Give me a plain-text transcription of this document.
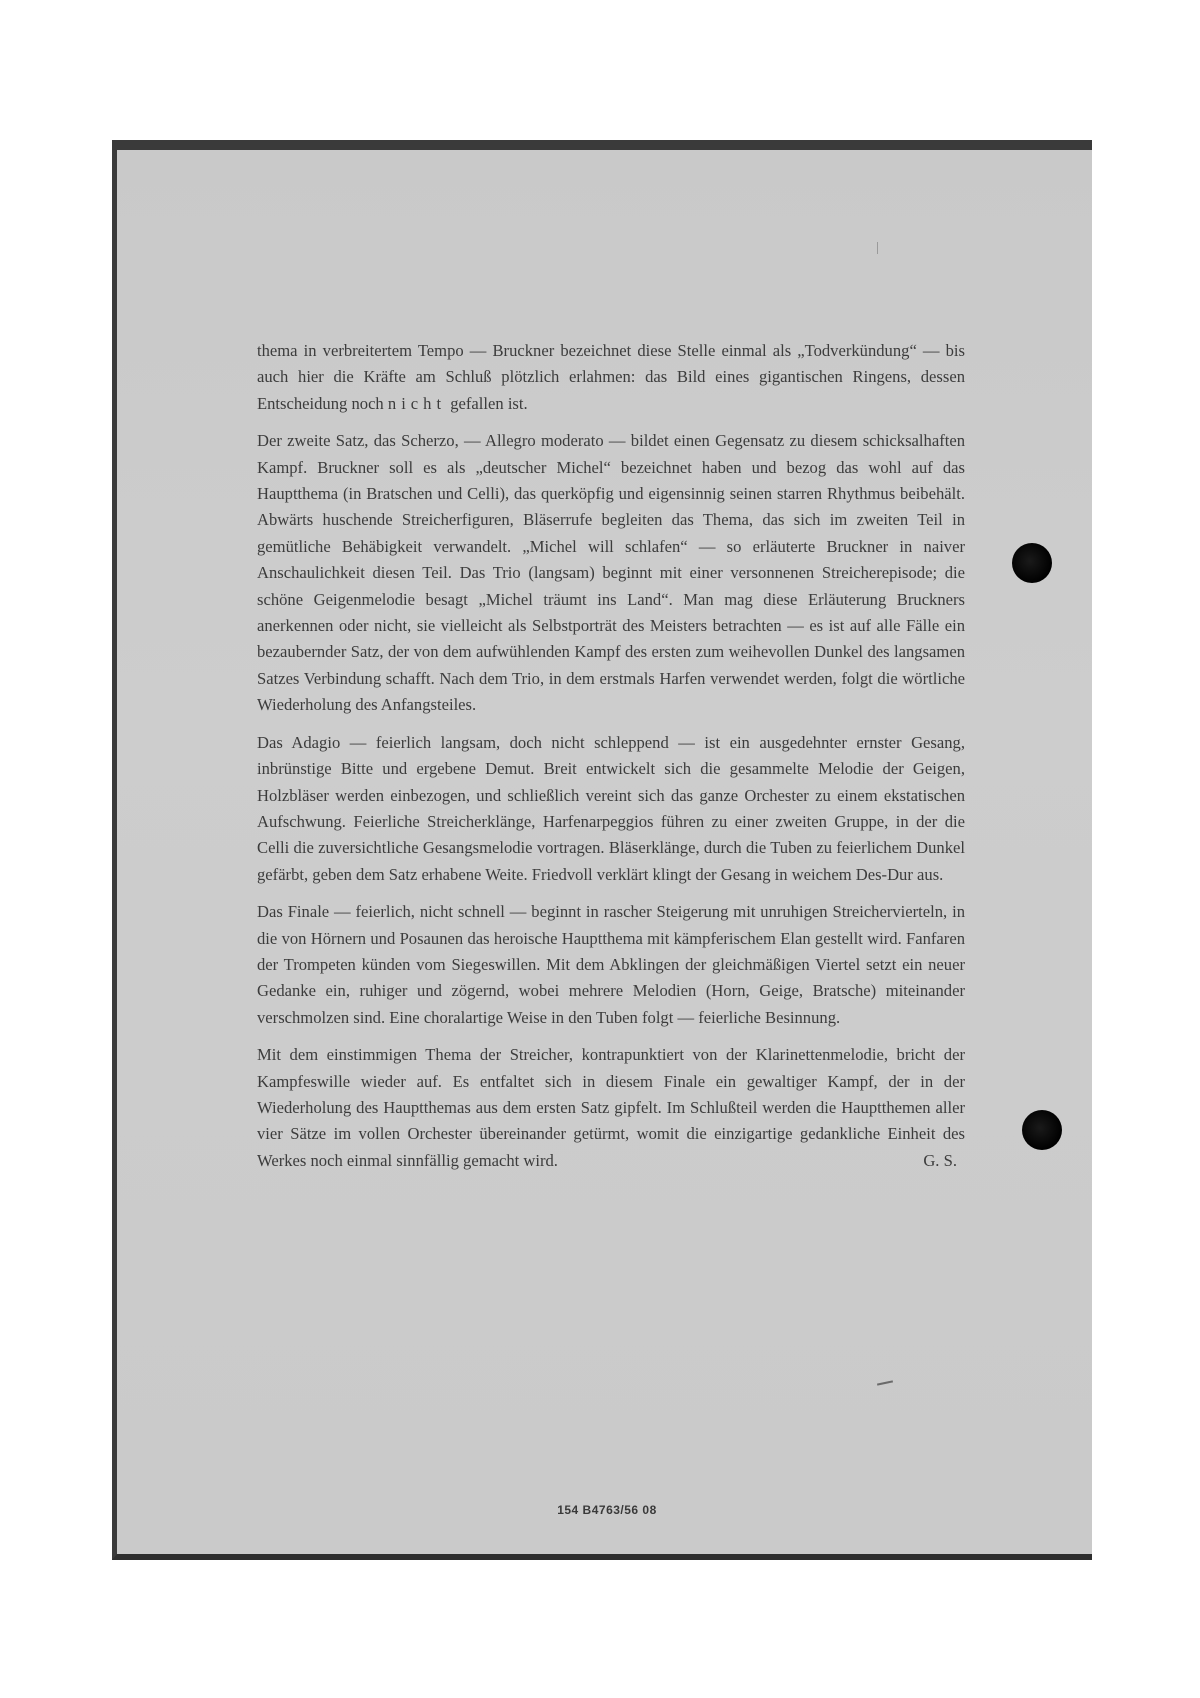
thema in verbreitertem Tempo — Bruckner bezeichnet diese Stelle einmal als „Todverkündung“ — bis auch hier die Kräfte am Schluß plötzlich erlahmen: das Bild eines gigantischen Ringens, dessen Entscheidung noch nicht gefallen ist.

Der zweite Satz, das Scherzo, — Allegro moderato — bildet einen Gegensatz zu diesem schicksalhaften Kampf. Bruckner soll es als „deutscher Michel“ bezeichnet haben und bezog das wohl auf das Hauptthema (in Bratschen und Celli), das querköpfig und eigensinnig seinen starren Rhythmus beibehält. Abwärts huschende Streicherfiguren, Bläserrufe begleiten das Thema, das sich im zweiten Teil in gemütliche Behäbigkeit verwandelt. „Michel will schlafen“ — so erläuterte Bruckner in naiver Anschaulichkeit diesen Teil. Das Trio (langsam) beginnt mit einer versonnenen Streicherepisode; die schöne Geigenmelodie besagt „Michel träumt ins Land“. Man mag diese Erläuterung Bruckners anerkennen oder nicht, sie vielleicht als Selbstporträt des Meisters betrachten — es ist auf alle Fälle ein bezaubernder Satz, der von dem aufwühlenden Kampf des ersten zum weihevollen Dunkel des langsamen Satzes Verbindung schafft. Nach dem Trio, in dem erstmals Harfen verwendet werden, folgt die wörtliche Wiederholung des Anfangsteiles.

Das Adagio — feierlich langsam, doch nicht schleppend — ist ein ausgedehnter ernster Gesang, inbrünstige Bitte und ergebene Demut. Breit entwickelt sich die gesammelte Melodie der Geigen, Holzbläser werden einbezogen, und schließlich vereint sich das ganze Orchester zu einem ekstatischen Aufschwung. Feierliche Streicherklänge, Harfenarpeggios führen zu einer zweiten Gruppe, in der die Celli die zuversichtliche Gesangsmelodie vortragen. Bläserklänge, durch die Tuben zu feierlichem Dunkel gefärbt, geben dem Satz erhabene Weite. Friedvoll verklärt klingt der Gesang in weichem Des-Dur aus.

Das Finale — feierlich, nicht schnell — beginnt in rascher Steigerung mit unruhigen Streichervierteln, in die von Hörnern und Posaunen das heroische Hauptthema mit kämpferischem Elan gestellt wird. Fanfaren der Trompeten künden vom Siegeswillen. Mit dem Abklingen der gleichmäßigen Viertel setzt ein neuer Gedanke ein, ruhiger und zögernd, wobei mehrere Melodien (Horn, Geige, Bratsche) miteinander verschmolzen sind. Eine choralartige Weise in den Tuben folgt — feierliche Besinnung.

Mit dem einstimmigen Thema der Streicher, kontrapunktiert von der Klarinettenmelodie, bricht der Kampfeswille wieder auf. Es entfaltet sich in diesem Finale ein gewaltiger Kampf, der in der Wiederholung des Hauptthemas aus dem ersten Satz gipfelt. Im Schlußteil werden die Hauptthemen aller vier Sätze im vollen Orchester übereinander getürmt, womit die einzigartige gedankliche Einheit des Werkes noch einmal sinnfällig gemacht wird.	G. S.

154 B4763/56 08
